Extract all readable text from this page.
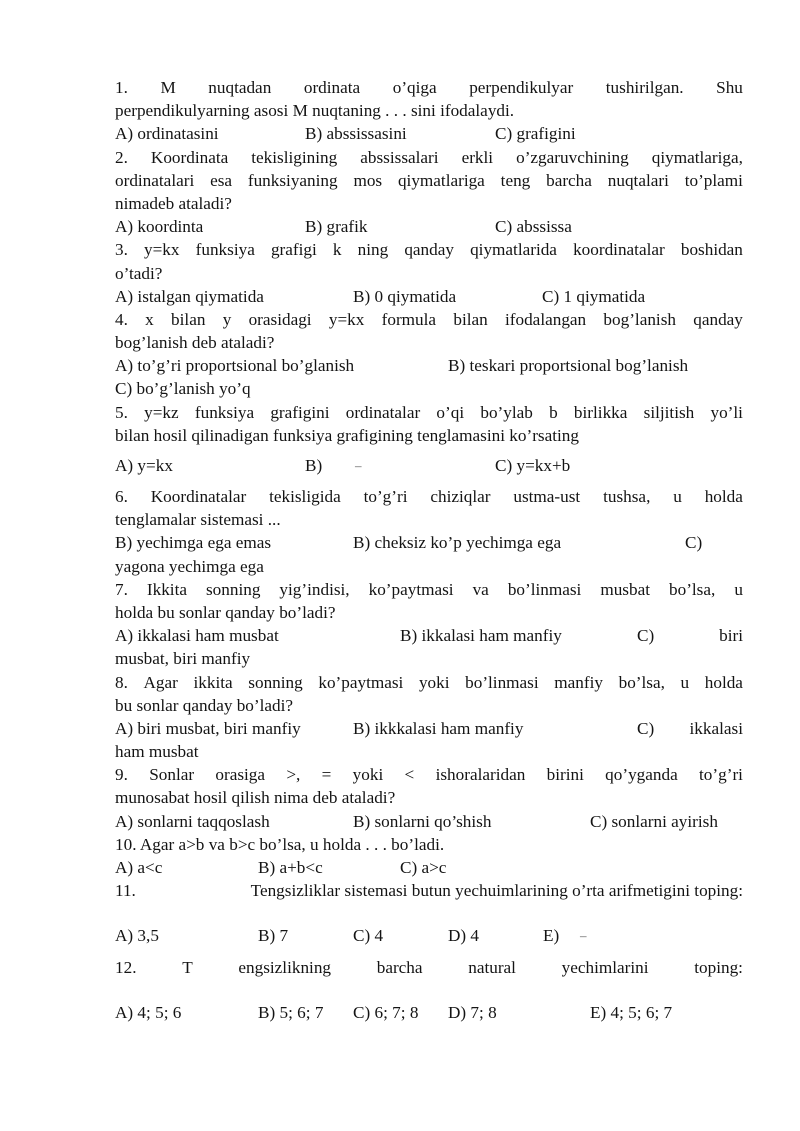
1. M nuqtadan ordinata o’qiga perpendikulyar tushirilgan. Shu
perpendikulyarning asosi M nuqtaning . . . sini ifodalaydi.
A) ordinatasini	B) abssissasini	C) grafigini
2. Koordinata tekisligining abssissalari erkli o’zgaruvchining qiymatlariga,
ordinatalari esa funksiyaning mos qiymatlariga teng barcha nuqtalari to’plami
nimadeb ataladi?
A) koordinta	B) grafik	C) abssissa
3. y=kx funksiya grafigi k ning qanday qiymatlarida koordinatalar boshidan
o’tadi?
A) istalgan qiymatida	B) 0 qiymatida	C) 1 qiymatida
4. x bilan y orasidagi y=kx formula bilan ifodalangan bog’lanish qanday
bog’lanish deb ataladi?
A) to’g’ri proportsional bo’glanish	B) teskari proportsional bog’lanish
C) bo’g’lanish yo’q
5. y=kz funksiya grafigini ordinatalar o’qi bo’ylab b birlikka siljitish yo’li
bilan hosil qilinadigan funksiya grafigining tenglamasini ko’rsating
A) y=kx	B)	–	C) y=kx+b
6. Koordinatalar tekisligida to’g’ri chiziqlar ustma-ust tushsa, u holda
tenglamalar sistemasi ...
B) yechimga ega emas	B) cheksiz ko’p yechimga ega	C)
yagona yechimga ega
7. Ikkita sonning yig’indisi, ko’paytmasi va bo’linmasi musbat bo’lsa, u
holda bu sonlar qanday bo’ladi?
A) ikkalasi ham musbat	B) ikkalasi ham manfiy	C)	biri
musbat, biri manfiy
8. Agar ikkita sonning ko’paytmasi yoki bo’linmasi manfiy bo’lsa, u holda
bu sonlar qanday bo’ladi?
A) biri musbat, biri manfiy	B) ikkkalasi ham manfiy	C) ikkalasi
ham musbat
9. Sonlar orasiga >, = yoki < ishoralaridan birini qo’yganda to’g’ri
munosabat hosil qilish nima deb ataladi?
A) sonlarni taqqoslash	B) sonlarni qo’shish	C) sonlarni ayirish
10. Agar a>b va b>c bo’lsa, u holda . . . bo’ladi.
A) a<c	B) a+b<c	C) a>c
11.	Tengsizliklar sistemasi butun yechuimlarining o’rta arifmetigini toping:
A) 3,5	B) 7	C) 4	D) 4	E) –
12.	T	engsizlikning	barcha	natural	yechimlarini	toping:
A) 4; 5; 6	B) 5; 6; 7 C) 6; 7; 8 D) 7; 8	E) 4; 5; 6; 7
